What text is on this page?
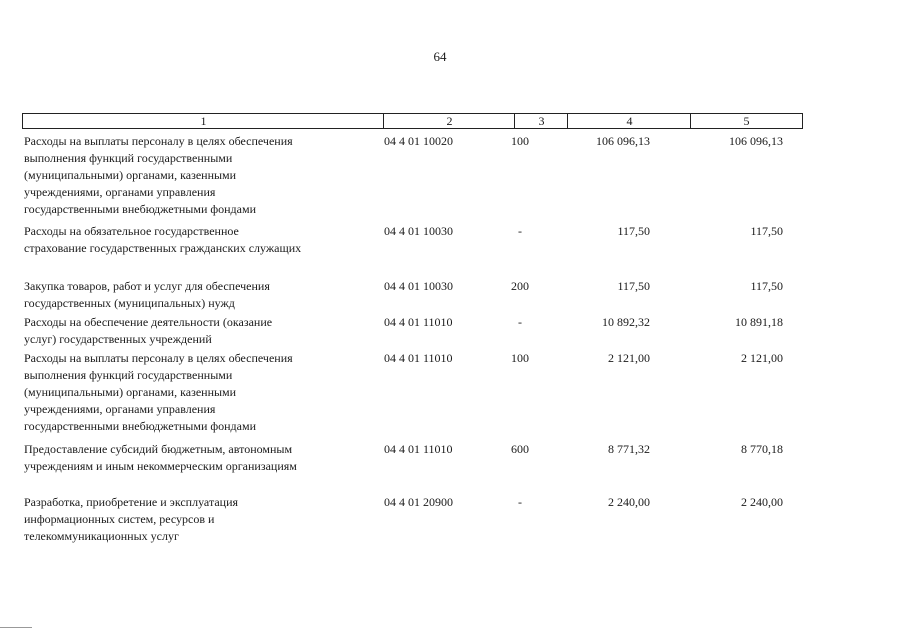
64
1	2	3	4	5
Расходы на выплаты персоналу в целях обеспечения
выполнения функций государственными
(муниципальными) органами, казенными
учреждениями, органами управления
государственными внебюджетными фондами
04 4 01 10020	100	106 096,13	106 096,13
Расходы на обязательное государственное
страхование государственных гражданских служащих
04 4 01 10030	-	117,50	117,50
Закупка товаров, работ и услуг для обеспечения
государственных (муниципальных) нужд
04 4 01 10030	200	117,50	117,50
Расходы на обеспечение деятельности (оказание
услуг) государственных учреждений
04 4 01 11010	-	10 892,32	10 891,18
Расходы на выплаты персоналу в целях обеспечения
выполнения функций государственными
(муниципальными) органами, казенными
учреждениями, органами управления
государственными внебюджетными фондами
04 4 01 11010	100	2 121,00	2 121,00
Предоставление субсидий бюджетным, автономным
учреждениям и иным некоммерческим организациям
04 4 01 11010	600	8 771,32	8 770,18
Разработка, приобретение и эксплуатация
информационных систем, ресурсов и
телекоммуникационных услуг
04 4 01 20900	-	2 240,00	2 240,00
